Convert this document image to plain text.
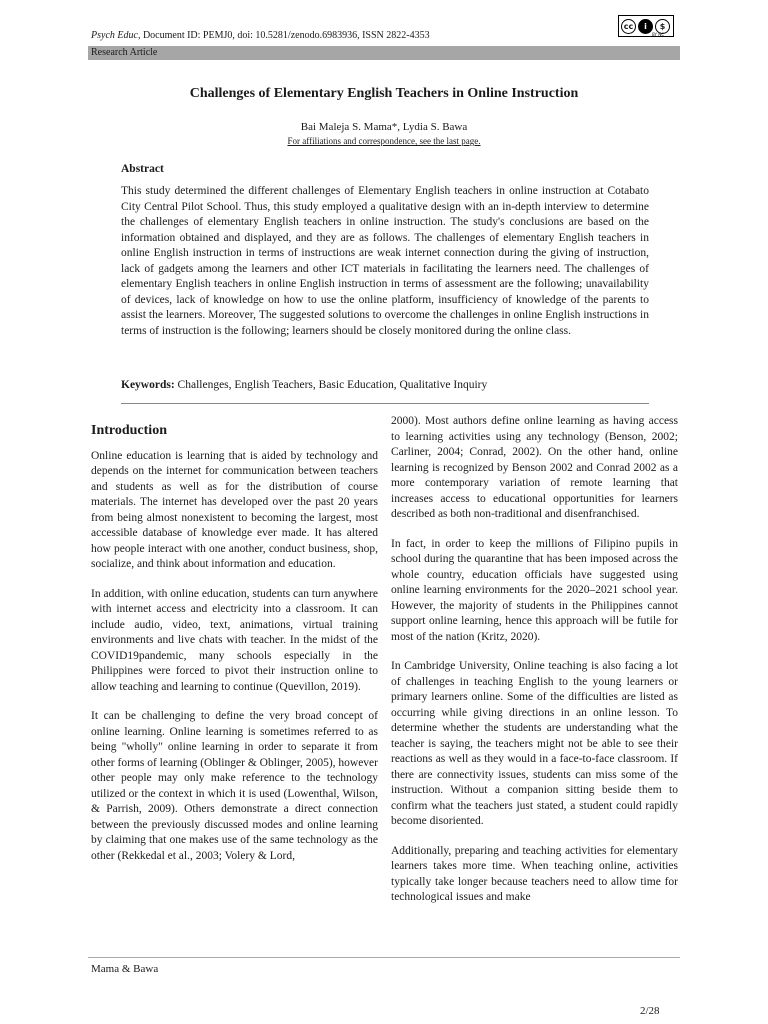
Psych Educ, Document ID: PEMJ0, doi: 10.5281/zenodo.6983936, ISSN 2822-4353
cc	i	$
BY NC
Research Article
Challenges of Elementary English Teachers in Online Instruction
Bai Maleja S. Mama*, Lydia S. Bawa
For affiliations and correspondence, see the last page.
Abstract

This study determined the different challenges of Elementary English teachers in online instruction at Cotabato City Central Pilot School. Thus, this study employed a qualitative design with an in-depth interview to determine the challenges of elementary English teachers in online instruction. The study's conclusions are based on the information obtained and displayed, and they are as follows. The challenges of elementary English teachers in online English instruction in terms of instructions are weak internet connection during the giving of instruction, lack of gadgets among the learners and other ICT materials in facilitating the learners need. The challenges of elementary English teachers in online English instruction in terms of assessment are the following; unavailability of devices, lack of knowledge on how to use the online platform, insufficiency of knowledge of the parents to assist the learners. Moreover, The suggested solutions to overcome the challenges in online English instructions in terms of instruction is the following; learners should be closely monitored during the online class.

Keywords: Challenges, English Teachers, Basic Education, Qualitative Inquiry
Introduction

Online education is learning that is aided by technology and depends on the internet for communication between teachers and students as well as for the distribution of course materials. The internet has developed over the past 20 years from being almost nonexistent to becoming the largest, most accessible database of knowledge ever made. It has altered how people interact with one another, conduct business, shop, socialize, and think about information and education.

In addition, with online education, students can turn anywhere with internet access and electricity into a classroom. It can include audio, video, text, animations, virtual training environments and live chats with teacher. In the midst of the COVID19pandemic, many schools especially in the Philippines were forced to pivot their instruction online to allow teaching and learning to continue (Quevillon, 2019).

It can be challenging to define the very broad concept of online learning. Online learning is sometimes referred to as being "wholly" online learning in order to separate it from other forms of learning (Oblinger & Oblinger, 2005), however other people may only make reference to the technology utilized or the context in which it is used (Lowenthal, Wilson, & Parrish, 2009). Others demonstrate a direct connection between the previously discussed modes and online learning by claiming that one makes use of the same technology as the other (Rekkedal et al., 2003; Volery & Lord,

2000). Most authors define online learning as having access to learning activities using any technology (Benson, 2002; Carliner, 2004; Conrad, 2002). On the other hand, online learning is recognized by Benson 2002 and Conrad 2002 as a more contemporary variation of remote learning that increases access to educational opportunities for learners described as both non-traditional and disenfranchised.

In fact, in order to keep the millions of Filipino pupils in school during the quarantine that has been imposed across the whole country, education officials have suggested using online learning environments for the 2020–2021 school year. However, the majority of students in the Philippines cannot support online learning, hence this approach will be futile for most of the nation (Kritz, 2020).

In Cambridge University, Online teaching is also facing a lot of challenges in teaching English to the young learners or primary learners online. Some of the difficulties are listed as occurring while giving directions in an online lesson. To determine whether the students are understanding what the teacher is saying, the teachers might not be able to see their reactions as well as they would in a face-to-face classroom. If there are connectivity issues, students can miss some of the instruction. Without a companion sitting beside them to confirm what the teachers just stated, a student could rapidly become disoriented.

Additionally, preparing and teaching activities for elementary learners takes more time. When teaching online, activities typically take longer because teachers need to allow time for technological issues and make

Mama & Bawa
2/28
